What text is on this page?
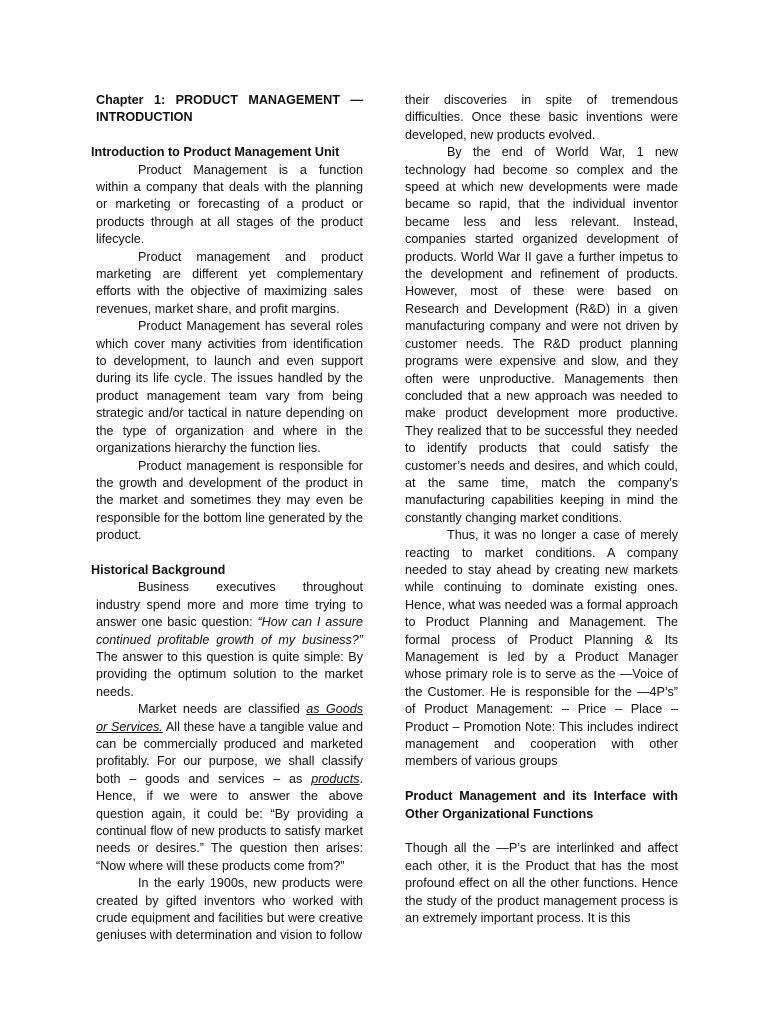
Chapter 1: PRODUCT MANAGEMENT — INTRODUCTION

Introduction to Product Management Unit

Product Management is a function within a company that deals with the planning or marketing or forecasting of a product or products through at all stages of the product lifecycle.

Product management and product marketing are different yet complementary efforts with the objective of maximizing sales revenues, market share, and profit margins.

Product Management has several roles which cover many activities from identification to development, to launch and even support during its life cycle. The issues handled by the product management team vary from being strategic and/or tactical in nature depending on the type of organization and where in the organizations hierarchy the function lies.

Product management is responsible for the growth and development of the product in the market and sometimes they may even be responsible for the bottom line generated by the product.

Historical Background

Business executives throughout industry spend more and more time trying to answer one basic question: “How can I assure continued profitable growth of my business?” The answer to this question is quite simple: By providing the optimum solution to the market needs.

Market needs are classified as Goods or Services. All these have a tangible value and can be commercially produced and marketed profitably. For our purpose, we shall classify both – goods and services – as products. Hence, if we were to answer the above question again, it could be: “By providing a continual flow of new products to satisfy market needs or desires.” The question then arises: “Now where will these products come from?”

In the early 1900s, new products were created by gifted inventors who worked with crude equipment and facilities but were creative geniuses with determination and vision to follow

their discoveries in spite of tremendous difficulties. Once these basic inventions were developed, new products evolved.

By the end of World War, 1 new technology had become so complex and the speed at which new developments were made became so rapid, that the individual inventor became less and less relevant. Instead, companies started organized development of products. World War II gave a further impetus to the development and refinement of products. However, most of these were based on Research and Development (R&D) in a given manufacturing company and were not driven by customer needs. The R&D product planning programs were expensive and slow, and they often were unproductive. Managements then concluded that a new approach was needed to make product development more productive. They realized that to be successful they needed to identify products that could satisfy the customer’s needs and desires, and which could, at the same time, match the company’s manufacturing capabilities keeping in mind the constantly changing market conditions.

Thus, it was no longer a case of merely reacting to market conditions. A company needed to stay ahead by creating new markets while continuing to dominate existing ones. Hence, what was needed was a formal approach to Product Planning and Management. The formal process of Product Planning & Its Management is led by a Product Manager whose primary role is to serve as the ―Voice of the Customer. He is responsible for the ―4P’s” of Product Management: – Price – Place – Product – Promotion Note: This includes indirect management and cooperation with other members of various groups

Product Management and its Interface with Other Organizational Functions

Though all the ―P’s are interlinked and affect each other, it is the Product that has the most profound effect on all the other functions. Hence the study of the product management process is an extremely important process. It is this
